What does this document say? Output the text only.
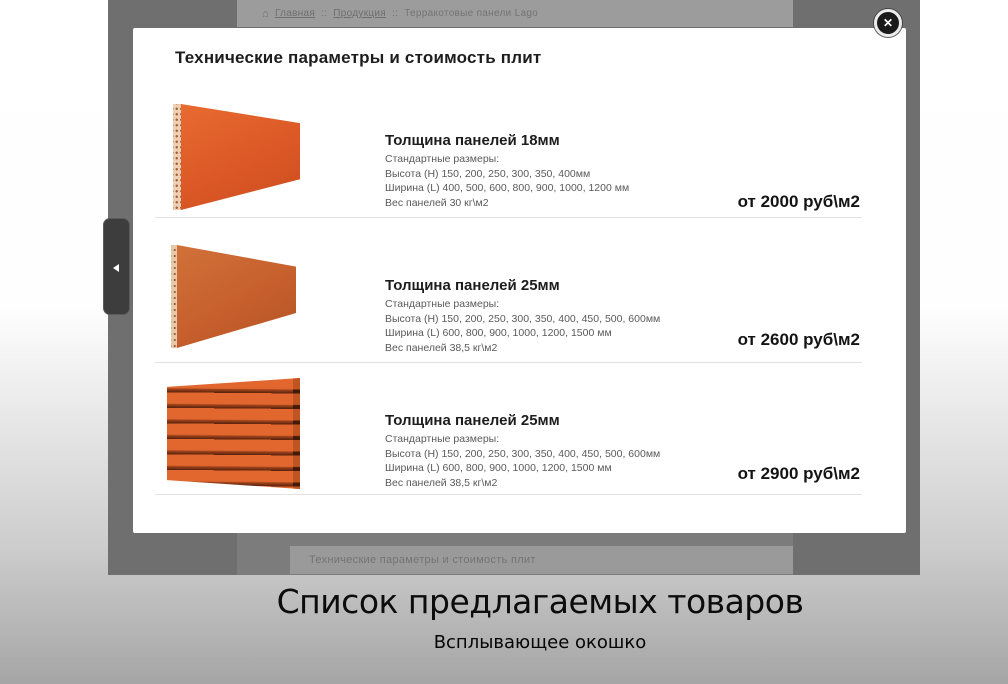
⌂ Главная :: Продукция :: Терракотовые панели Lago
Технические параметры и стоимость плит
✕
Технические параметры и стоимость плит
Толщина панелей 18мм
Стандартные размеры:
Высота (H) 150, 200, 250, 300, 350, 400мм
Ширина (L) 400, 500, 600, 800, 900, 1000, 1200 мм
Вес панелей 30 кг\м2	от 2000 руб\м2
Толщина панелей 25мм
Стандартные размеры:
Высота (H) 150, 200, 250, 300, 350, 400, 450, 500, 600мм
Ширина (L) 600, 800, 900, 1000, 1200, 1500 мм
Вес панелей 38,5 кг\м2	от 2600 руб\м2
Толщина панелей 25мм
Стандартные размеры:
Высота (H) 150, 200, 250, 300, 350, 400, 450, 500, 600мм
Ширина (L) 600, 800, 900, 1000, 1200, 1500 мм
Вес панелей 38,5 кг\м2	от 2900 руб\м2
Список предлагаемых товаров
Всплывающее окошко
